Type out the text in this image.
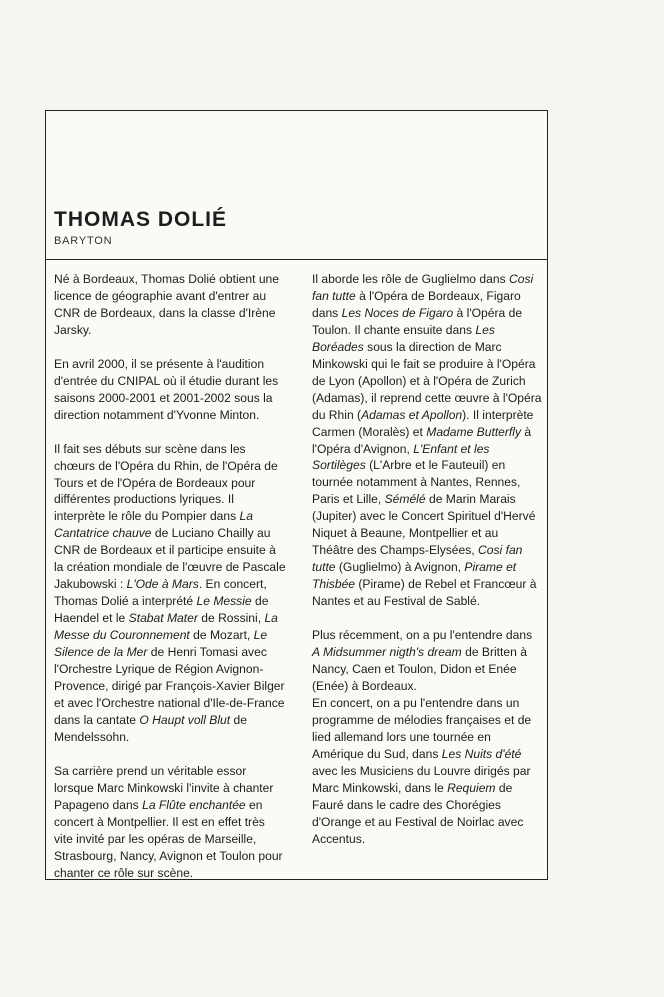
THOMAS DOLIÉ
BARYTON

Né à Bordeaux, Thomas Dolié obtient une licence de géographie avant d'entrer au CNR de Bordeaux, dans la classe d'Irène Jarsky.

En avril 2000, il se présente à l'audition d'entrée du CNIPAL où il étudie durant les saisons 2000-2001 et 2001-2002 sous la direction notamment d'Yvonne Minton.

Il fait ses débuts sur scène dans les chœurs de l'Opéra du Rhin, de l'Opéra de Tours et de l'Opéra de Bordeaux pour différentes productions lyriques. Il interprète le rôle du Pompier dans La Cantatrice chauve de Luciano Chailly au CNR de Bordeaux et il participe ensuite à la création mondiale de l'œuvre de Pascale Jakubowski : L'Ode à Mars. En concert, Thomas Dolié a interprété Le Messie de Haendel et le Stabat Mater de Rossini, La Messe du Couronnement de Mozart, Le Silence de la Mer de Henri Tomasi avec l'Orchestre Lyrique de Région Avignon-Provence, dirigé par François-Xavier Bilger et avec l'Orchestre national d'Ile-de-France dans la cantate O Haupt voll Blut de Mendelssohn.

Sa carrière prend un véritable essor lorsque Marc Minkowski l'invite à chanter Papageno dans La Flûte enchantée en concert à Montpellier. Il est en effet très vite invité par les opéras de Marseille, Strasbourg, Nancy, Avignon et Toulon pour chanter ce rôle sur scène.

Il aborde les rôle de Guglielmo dans Cosi fan tutte à l'Opéra de Bordeaux, Figaro dans Les Noces de Figaro à l'Opéra de Toulon. Il chante ensuite dans Les Boréades sous la direction de Marc Minkowski qui le fait se produire à l'Opéra de Lyon (Apollon) et à l'Opéra de Zurich (Adamas), il reprend cette œuvre à l'Opéra du Rhin (Adamas et Apollon). Il interprète Carmen (Moralès) et Madame Butterfly à l'Opéra d'Avignon, L'Enfant et les Sortilèges (L'Arbre et le Fauteuil) en tournée notamment à Nantes, Rennes, Paris et Lille, Sémélé de Marin Marais (Jupiter) avec le Concert Spirituel d'Hervé Niquet à Beaune, Montpellier et au Théâtre des Champs-Elysées, Cosi fan tutte (Guglielmo) à Avignon, Pirame et Thisbée (Pirame) de Rebel et Francœur à Nantes et au Festival de Sablé.

Plus récemment, on a pu l'entendre dans A Midsummer nigth's dream de Britten à Nancy, Caen et Toulon, Didon et Enée (Enée) à Bordeaux.

En concert, on a pu l'entendre dans un programme de mélodies françaises et de lied allemand lors une tournée en Amérique du Sud, dans Les Nuits d'été avec les Musiciens du Louvre dirigés par Marc Minkowski, dans le Requiem de Fauré dans le cadre des Chorégies d'Orange et au Festival de Noirlac avec Accentus.
